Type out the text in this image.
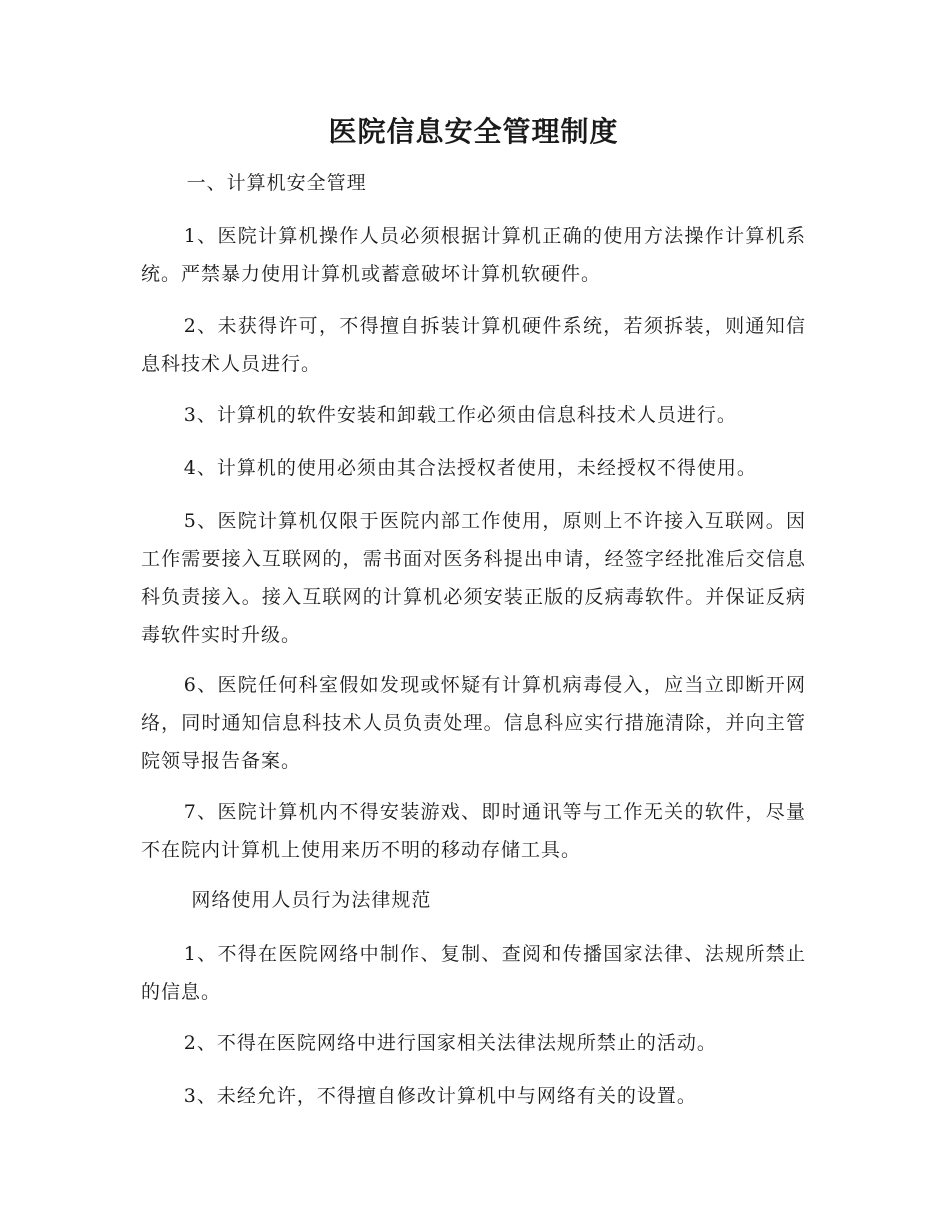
医院信息安全管理制度

一、计算机安全管理

1、医院计算机操作人员必须根据计算机正确的使用方法操作计算机系统。严禁暴力使用计算机或蓄意破坏计算机软硬件。

2、未获得许可，不得擅自拆装计算机硬件系统，若须拆装，则通知信息科技术人员进行。

3、计算机的软件安装和卸载工作必须由信息科技术人员进行。

4、计算机的使用必须由其合法授权者使用，未经授权不得使用。

5、医院计算机仅限于医院内部工作使用，原则上不许接入互联网。因工作需要接入互联网的，需书面对医务科提出申请，经签字经批准后交信息科负责接入。接入互联网的计算机必须安装正版的反病毒软件。并保证反病毒软件实时升级。

6、医院任何科室假如发现或怀疑有计算机病毒侵入，应当立即断开网络，同时通知信息科技术人员负责处理。信息科应实行措施清除，并向主管院领导报告备案。

7、医院计算机内不得安装游戏、即时通讯等与工作无关的软件，尽量不在院内计算机上使用来历不明的移动存储工具。

网络使用人员行为法律规范

1、不得在医院网络中制作、复制、查阅和传播国家法律、法规所禁止的信息。

2、不得在医院网络中进行国家相关法律法规所禁止的活动。

3、未经允许，不得擅自修改计算机中与网络有关的设置。
